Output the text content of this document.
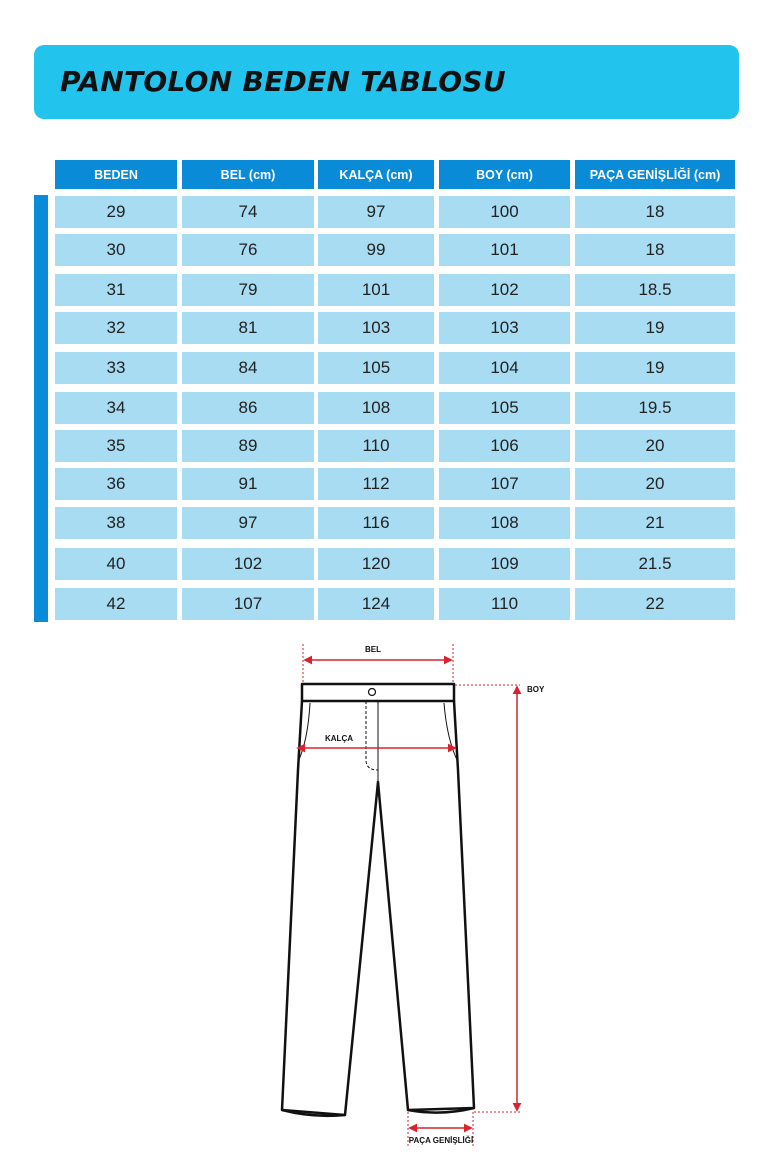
PANTOLON BEDEN TABLOSU
BEDEN	BEL (cm)	KALÇA (cm)	BOY (cm)	PAÇA GENİŞLİĞİ (cm)
29	74	97	100	18
30	76	99	101	18
31	79	101	102	18.5
32	81	103	103	19
33	84	105	104	19
34	86	108	105	19.5
35	89	110	106	20
36	91	112	107	20
38	97	116	108	21
40	102	120	109	21.5
42	107	124	110	22
BEL
KALÇA
BOY
PAÇA GENİŞLİĞİ
